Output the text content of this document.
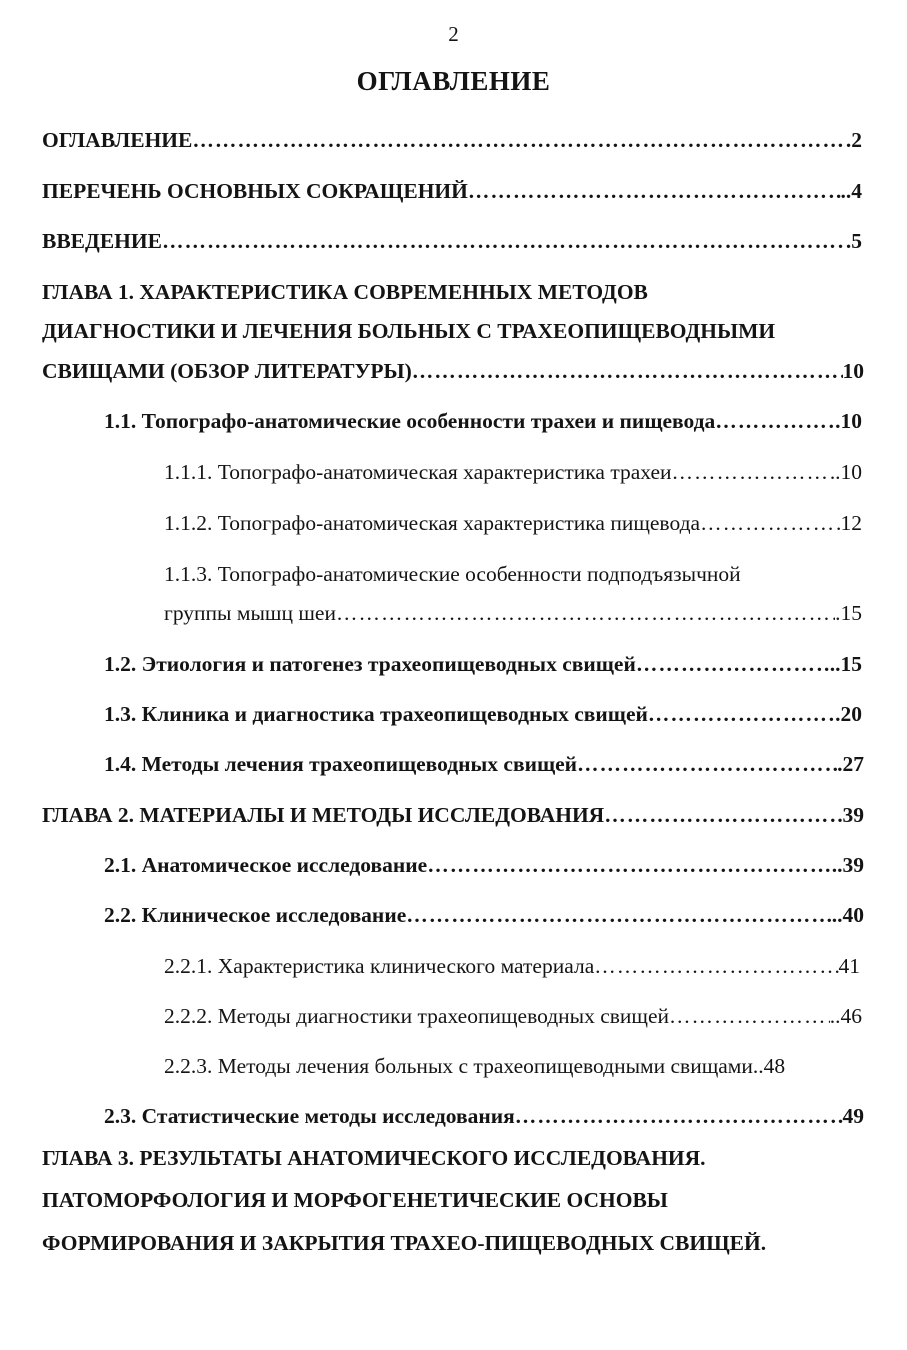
2
ОГЛАВЛЕНИЕ
ОГЛАВЛЕНИЕ ……………………………………………………………………………………………………………………………………………………………………………………………	.2
ПЕРЕЧЕНЬ ОСНОВНЫХ СОКРАЩЕНИЙ ……………………………………………………………………………………………………………………………………………………………………………………………	..4
ВВЕДЕНИЕ ……………………………………………………………………………………………………………………………………………………………………………………………	.5
ГЛАВА 1. ХАРАКТЕРИСТИКА СОВРЕМЕННЫХ МЕТОДОВ
ДИАГНОСТИКИ И ЛЕЧЕНИЯ БОЛЬНЫХ С ТРАХЕОПИЩЕВОДНЫМИ
СВИЩАМИ (ОБЗОР ЛИТЕРАТУРЫ) ……………………………………………………………………………………………………………………………………………………………………………………………	10
1.1. Топографо-анатомические особенности трахеи и пищевода ……………………………………………………………………………………………………………………………………………………………………………………………	.10
1.1.1. Топографо-анатомическая характеристика трахеи ……………………………………………………………………………………………………………………………………………………………………………………………	.10
1.1.2. Топографо-анатомическая характеристика пищевода ……………………………………………………………………………………………………………………………………………………………………………………………	12
1.1.3. Топографо-анатомические особенности подподъязычной
группы мышц шеи ……………………………………………………………………………………………………………………………………………………………………………………………	.15
1.2. Этиология и патогенез трахеопищеводных свищей ……………………………………………………………………………………………………………………………………………………………………………………………	..15
1.3. Клиника и диагностика трахеопищеводных свищей ……………………………………………………………………………………………………………………………………………………………………………………………	.20
1.4. Методы лечения трахеопищеводных свищей ……………………………………………………………………………………………………………………………………………………………………………………………	.27
ГЛАВА 2. МАТЕРИАЛЫ И МЕТОДЫ ИССЛЕДОВАНИЯ ……………………………………………………………………………………………………………………………………………………………………………………………	39
2.1. Анатомическое исследование ……………………………………………………………………………………………………………………………………………………………………………………………	..39
2.2. Клиническое исследование ……………………………………………………………………………………………………………………………………………………………………………………………	..40
2.2.1. Характеристика клинического материала ……………………………………………………………………………………………………………………………………………………………………………………………	41
2.2.2. Методы диагностики трахеопищеводных свищей ……………………………………………………………………………………………………………………………………………………………………………………………	..46
2.2.3. Методы лечения больных с трахеопищеводными свищами ..48
2.3. Статистические методы исследования ……………………………………………………………………………………………………………………………………………………………………………………………	49
ГЛАВА 3. РЕЗУЛЬТАТЫ АНАТОМИЧЕСКОГО ИССЛЕДОВАНИЯ.
ПАТОМОРФОЛОГИЯ И МОРФОГЕНЕТИЧЕСКИЕ ОСНОВЫ
ФОРМИРОВАНИЯ И ЗАКРЫТИЯ ТРАХЕО-ПИЩЕВОДНЫХ СВИЩЕЙ.
